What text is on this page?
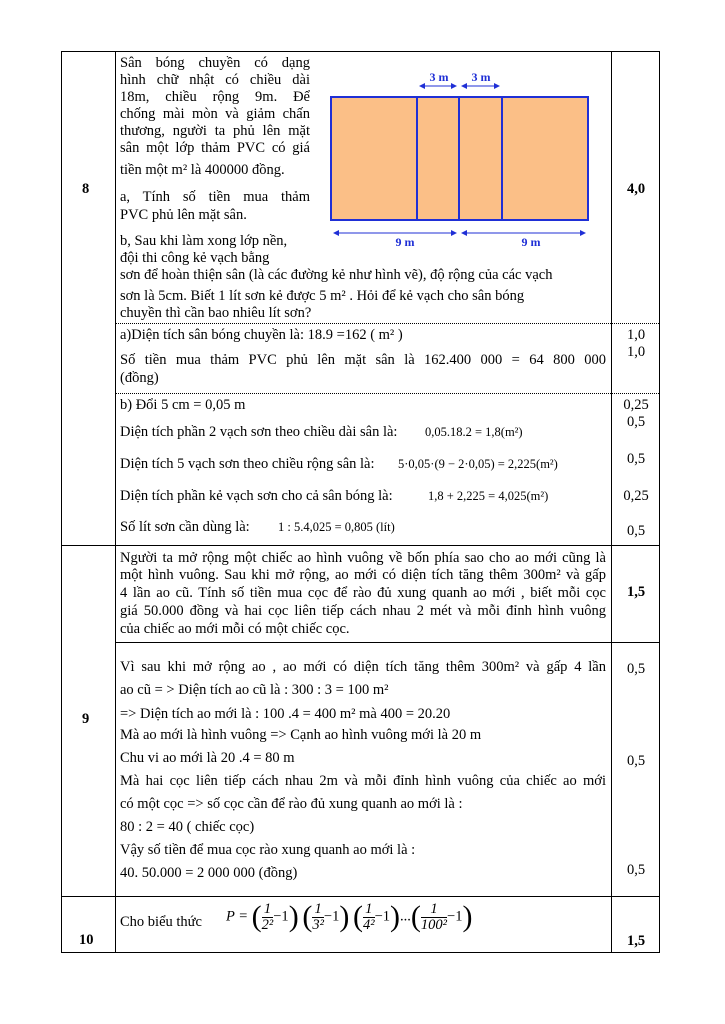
8
9
10
Sân bóng chuyền có dạng
hình chữ nhật có chiều dài
18m, chiều rộng 9m. Để
chống mài mòn và giảm chấn
thương, người ta phủ lên mặt
sân một lớp thảm PVC có giá
tiền một m² là 400000 đồng.
a, Tính số tiền mua thảm
PVC phủ lên mặt sân.
b, Sau khi làm xong lớp nền,
đội thi công kẻ vạch bằng
sơn để hoàn thiện sân (là các đường kẻ như hình vẽ), độ rộng của các vạch
sơn là 5cm. Biết 1 lít sơn kẻ được 5 m² . Hỏi để kẻ vạch cho sân bóng
chuyền thì cần bao nhiêu lít sơn?
4,0
3 m 3 m
9 m	9 m
a)Diện tích sân bóng chuyền là: 18.9 =162 ( m² )
Số tiền mua thảm PVC phủ lên mặt sân là 162.400 000 = 64 800 000
(đồng)
1,0
1,0
b) Đổi 5 cm = 0,05 m
Diện tích phần 2 vạch sơn theo chiều dài sân là: 0,05.18.2 = 1,8(m²)
Diện tích 5 vạch sơn theo chiều rộng sân là: 5·0,05·(9 − 2·0,05) = 2,225(m²)
Diện tích phần kẻ vạch sơn cho cả sân bóng là:	1,8 + 2,225 = 4,025(m²)
Số lít sơn cần dùng là: 1 : 5.4,025 = 0,805 (lít)
0,25
0,5
0,5
0,25
0,5
Người ta mở rộng một chiếc ao hình vuông về bốn phía sao cho ao mới cũng là
một hình vuông. Sau khi mở rộng, ao mới có diện tích tăng thêm 300m² và gấp
4 lần ao cũ. Tính số tiền mua cọc để rào đủ xung quanh ao mới , biết mỗi cọc
giá 50.000 đồng và hai cọc liên tiếp cách nhau 2 mét và mỗi đỉnh hình vuông
của chiếc ao mới mỗi có một chiếc cọc.
1,5
Vì sau khi mở rộng ao , ao mới có diện tích tăng thêm 300m² và gấp 4 lần
ao cũ = > Diện tích ao cũ là : 300 : 3 = 100 m²
=> Diện tích ao mới là : 100 .4 = 400 m² mà 400 = 20.20
Mà ao mới là hình vuông => Cạnh ao hình vuông mới là 20 m
Chu vi ao mới là 20 .4 = 80 m
Mà hai cọc liên tiếp cách nhau 2m và mỗi đỉnh hình vuông của chiếc ao mới
có một cọc => số cọc cần để rào đủ xung quanh ao mới là :
80 : 2 = 40 ( chiếc cọc)
Vậy số tiền để mua cọc rào xung quanh ao mới là :
40. 50.000 = 2 000 000 (đồng)
0,5
0,5
0,5
Cho biểu thức P = ( $\frac{1}{\text{2²}} -1$) ( $\frac{1}{\text{3²}} -1$) ( $\frac{1}{\text{4²}} -1)...( \frac{1}{\text{100²}} -1)$
1,5
